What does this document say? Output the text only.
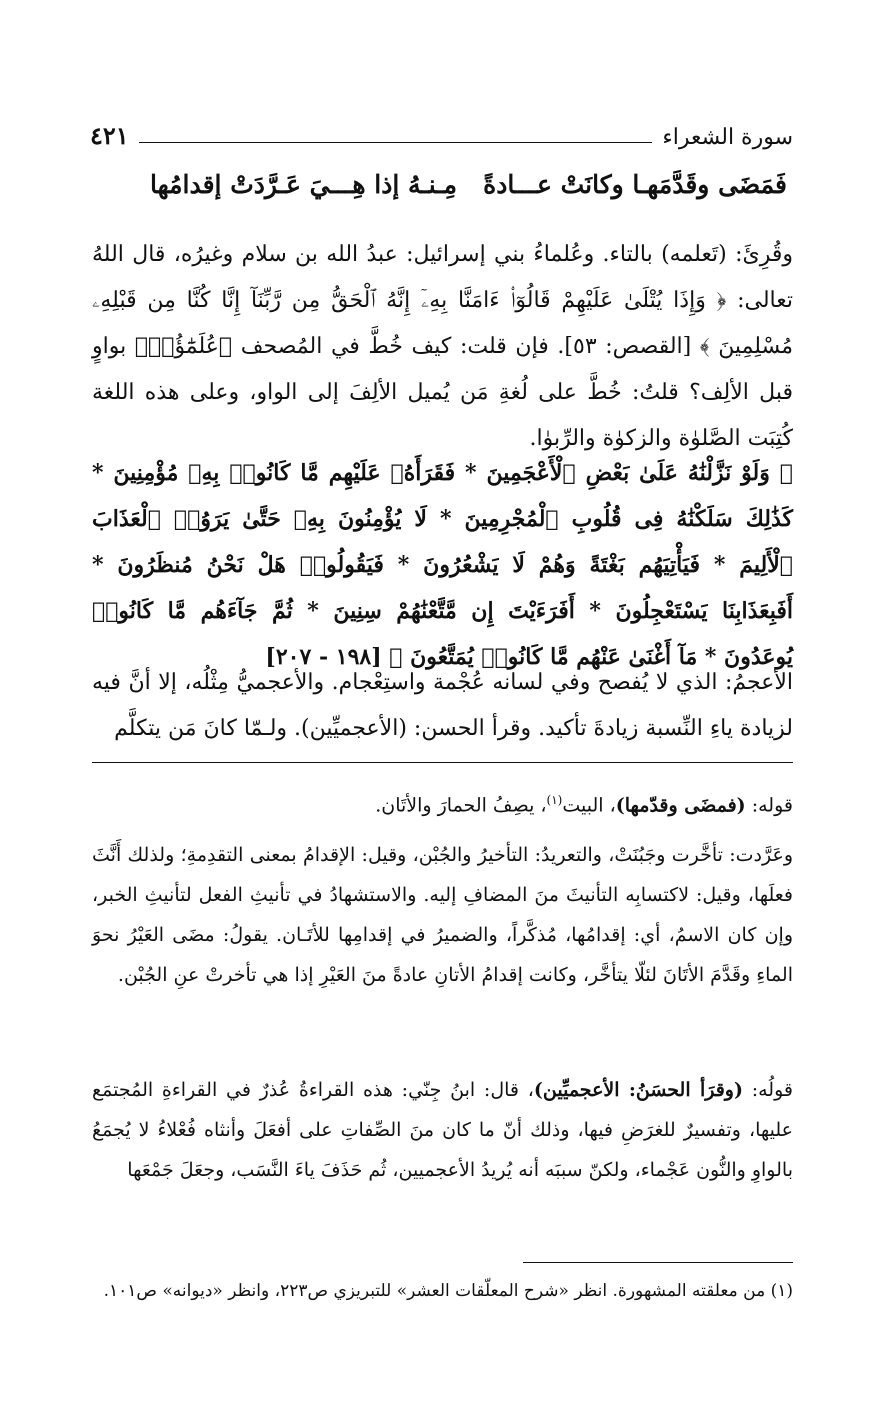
سورة الشعراء
٤٢١
فَمَضَى وقَدَّمَهـا وكانَتْ عـــادةً
مِـنـهُ إذا هِـــيَ عَـرَّدَتْ إقدامُها
وقُرِئَ: (تَعلمه) بالتاء. وعُلماءُ بني إسرائيل: عبدُ الله بن سلام وغيرُه، قال اللهُ تعالى: ﴿ وَإِذَا يُتْلَىٰ عَلَيْهِمْ قَالُوٓا۟ ءَامَنَّا بِهِۦٓ إِنَّهُ ٱلْحَقُّ مِن رَّبِّنَآ إِنَّا كُنَّا مِن قَبْلِهِۦ مُسْلِمِينَ ﴾ [القصص: ٥٣]. فإن قلت: كيف خُطَّ في المُصحف ﴿عُلَمَٰٓؤُا۟﴾ بواوٍ قبل الألِف؟ قلتُ: خُطَّ على لُغةِ مَن يُميل الألِفَ إلى الواو، وعلى هذه اللغة كُتِبَت الصَّلوٰة والزكوٰة والرِّبوٰا.
﴿ وَلَوْ نَزَّلْنَٰهُ عَلَىٰ بَعْضِ ٱلْأَعْجَمِينَ * فَقَرَأَهُۥ عَلَيْهِم مَّا كَانُوا۟ بِهِۦ مُؤْمِنِينَ * كَذَٰلِكَ سَلَكْنَٰهُ فِى قُلُوبِ ٱلْمُجْرِمِينَ * لَا يُؤْمِنُونَ بِهِۦ حَتَّىٰ يَرَوُا۟ ٱلْعَذَابَ ٱلْأَلِيمَ * فَيَأْتِيَهُم بَغْتَةً وَهُمْ لَا يَشْعُرُونَ * فَيَقُولُوا۟ هَلْ نَحْنُ مُنظَرُونَ * أَفَبِعَذَابِنَا يَسْتَعْجِلُونَ * أَفَرَءَيْتَ إِن مَّتَّعْنَٰهُمْ سِنِينَ * ثُمَّ جَآءَهُم مَّا كَانُوا۟ يُوعَدُونَ * مَآ أَغْنَىٰ عَنْهُم مَّا كَانُوا۟ يُمَتَّعُونَ ﴾ [١٩٨ - ٢٠٧]
الأعجمُ: الذي لا يُفصح وفي لسانه عُجْمة واستِعْجام. والأعجميُّ مِثْلُه، إلا أنَّ فيه لزيادة ياءِ النِّسبة زيادةَ تأكيد. وقرأ الحسن: (الأعجميِّين). ولـمّا كانَ مَن يتكلَّم
قوله: (فمضَى وقدّمها)، البيت$^{(١)}$، يصِفُ الحمارَ والأتَان.
وعَرَّدت: تأخَّرت وجَبُنَتْ، والتعريدُ: التأخيرُ والجُبْن، وقيل: الإقدامُ بمعنى التقدِمةِ؛ ولذلك أَنَّثَ فعلَها، وقيل: لاكتسابِه التأنيثَ منَ المضافِ إليه. والاستشهادُ في تأنيثِ الفعل لتأنيثِ الخبر، وإن كان الاسمُ، أي: إقدامُها، مُذكَّراً، والضميرُ في إقدامِها للأتَـان. يقولُ: مضَى العَيْرُ نحوَ الماءِ وقَدَّمَ الأتَانَ لئلّا يتأخَّر، وكانت إقدامُ الأتانِ عادةً منَ العَيْرِ إذا هي تأخرتْ عنِ الجُبْن.
قولُه: (وقرَأ الحسَنُ: الأعجميِّين)، قال: ابنُ جِنّي: هذه القراءةُ عُذرٌ في القراءةِ المُجتمَع عليها، وتفسيرٌ للغرَضِ فيها، وذلك أنّ ما كان منَ الصِّفاتِ على أفعَلَ وأنثاه فُعْلاءُ لا يُجمَعُ بالواوِ والنُّون عَجْماء، ولكنّ سببَه أنه يُريدُ الأعجميين، ثُم حَذَفَ ياءَ النَّسَب، وجعَلَ جَمْعَها
(١) من معلقته المشهورة. انظر «شرح المعلّقات العشر» للتبريزي ص٢٢٣، وانظر «ديوانه» ص١٠١.
